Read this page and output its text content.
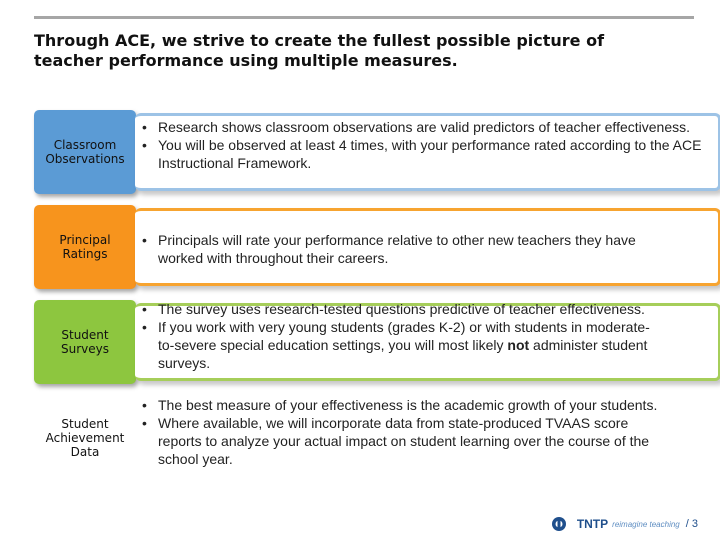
Through ACE, we strive to create the fullest possible picture of teacher performance using multiple measures.
Classroom Observations
• Research shows classroom observations are valid predictors of teacher effectiveness.
• You will be observed at least 4 times, with your performance rated according to the ACE Instructional Framework.
Principal Ratings
• Principals will rate your performance relative to other new teachers they have worked with throughout their careers.
Student Surveys
• The survey uses research-tested questions predictive of teacher effectiveness.
• If you work with very young students (grades K-2) or with students in moderate-to-severe special education settings, you will most likely not administer student surveys.
Student Achievement Data
• The best measure of your effectiveness is the academic growth of your students.
• Where available, we will incorporate data from state-produced TVAAS score reports to analyze your actual impact on student learning over the course of the school year.
TNTP reimagine teaching / 3
